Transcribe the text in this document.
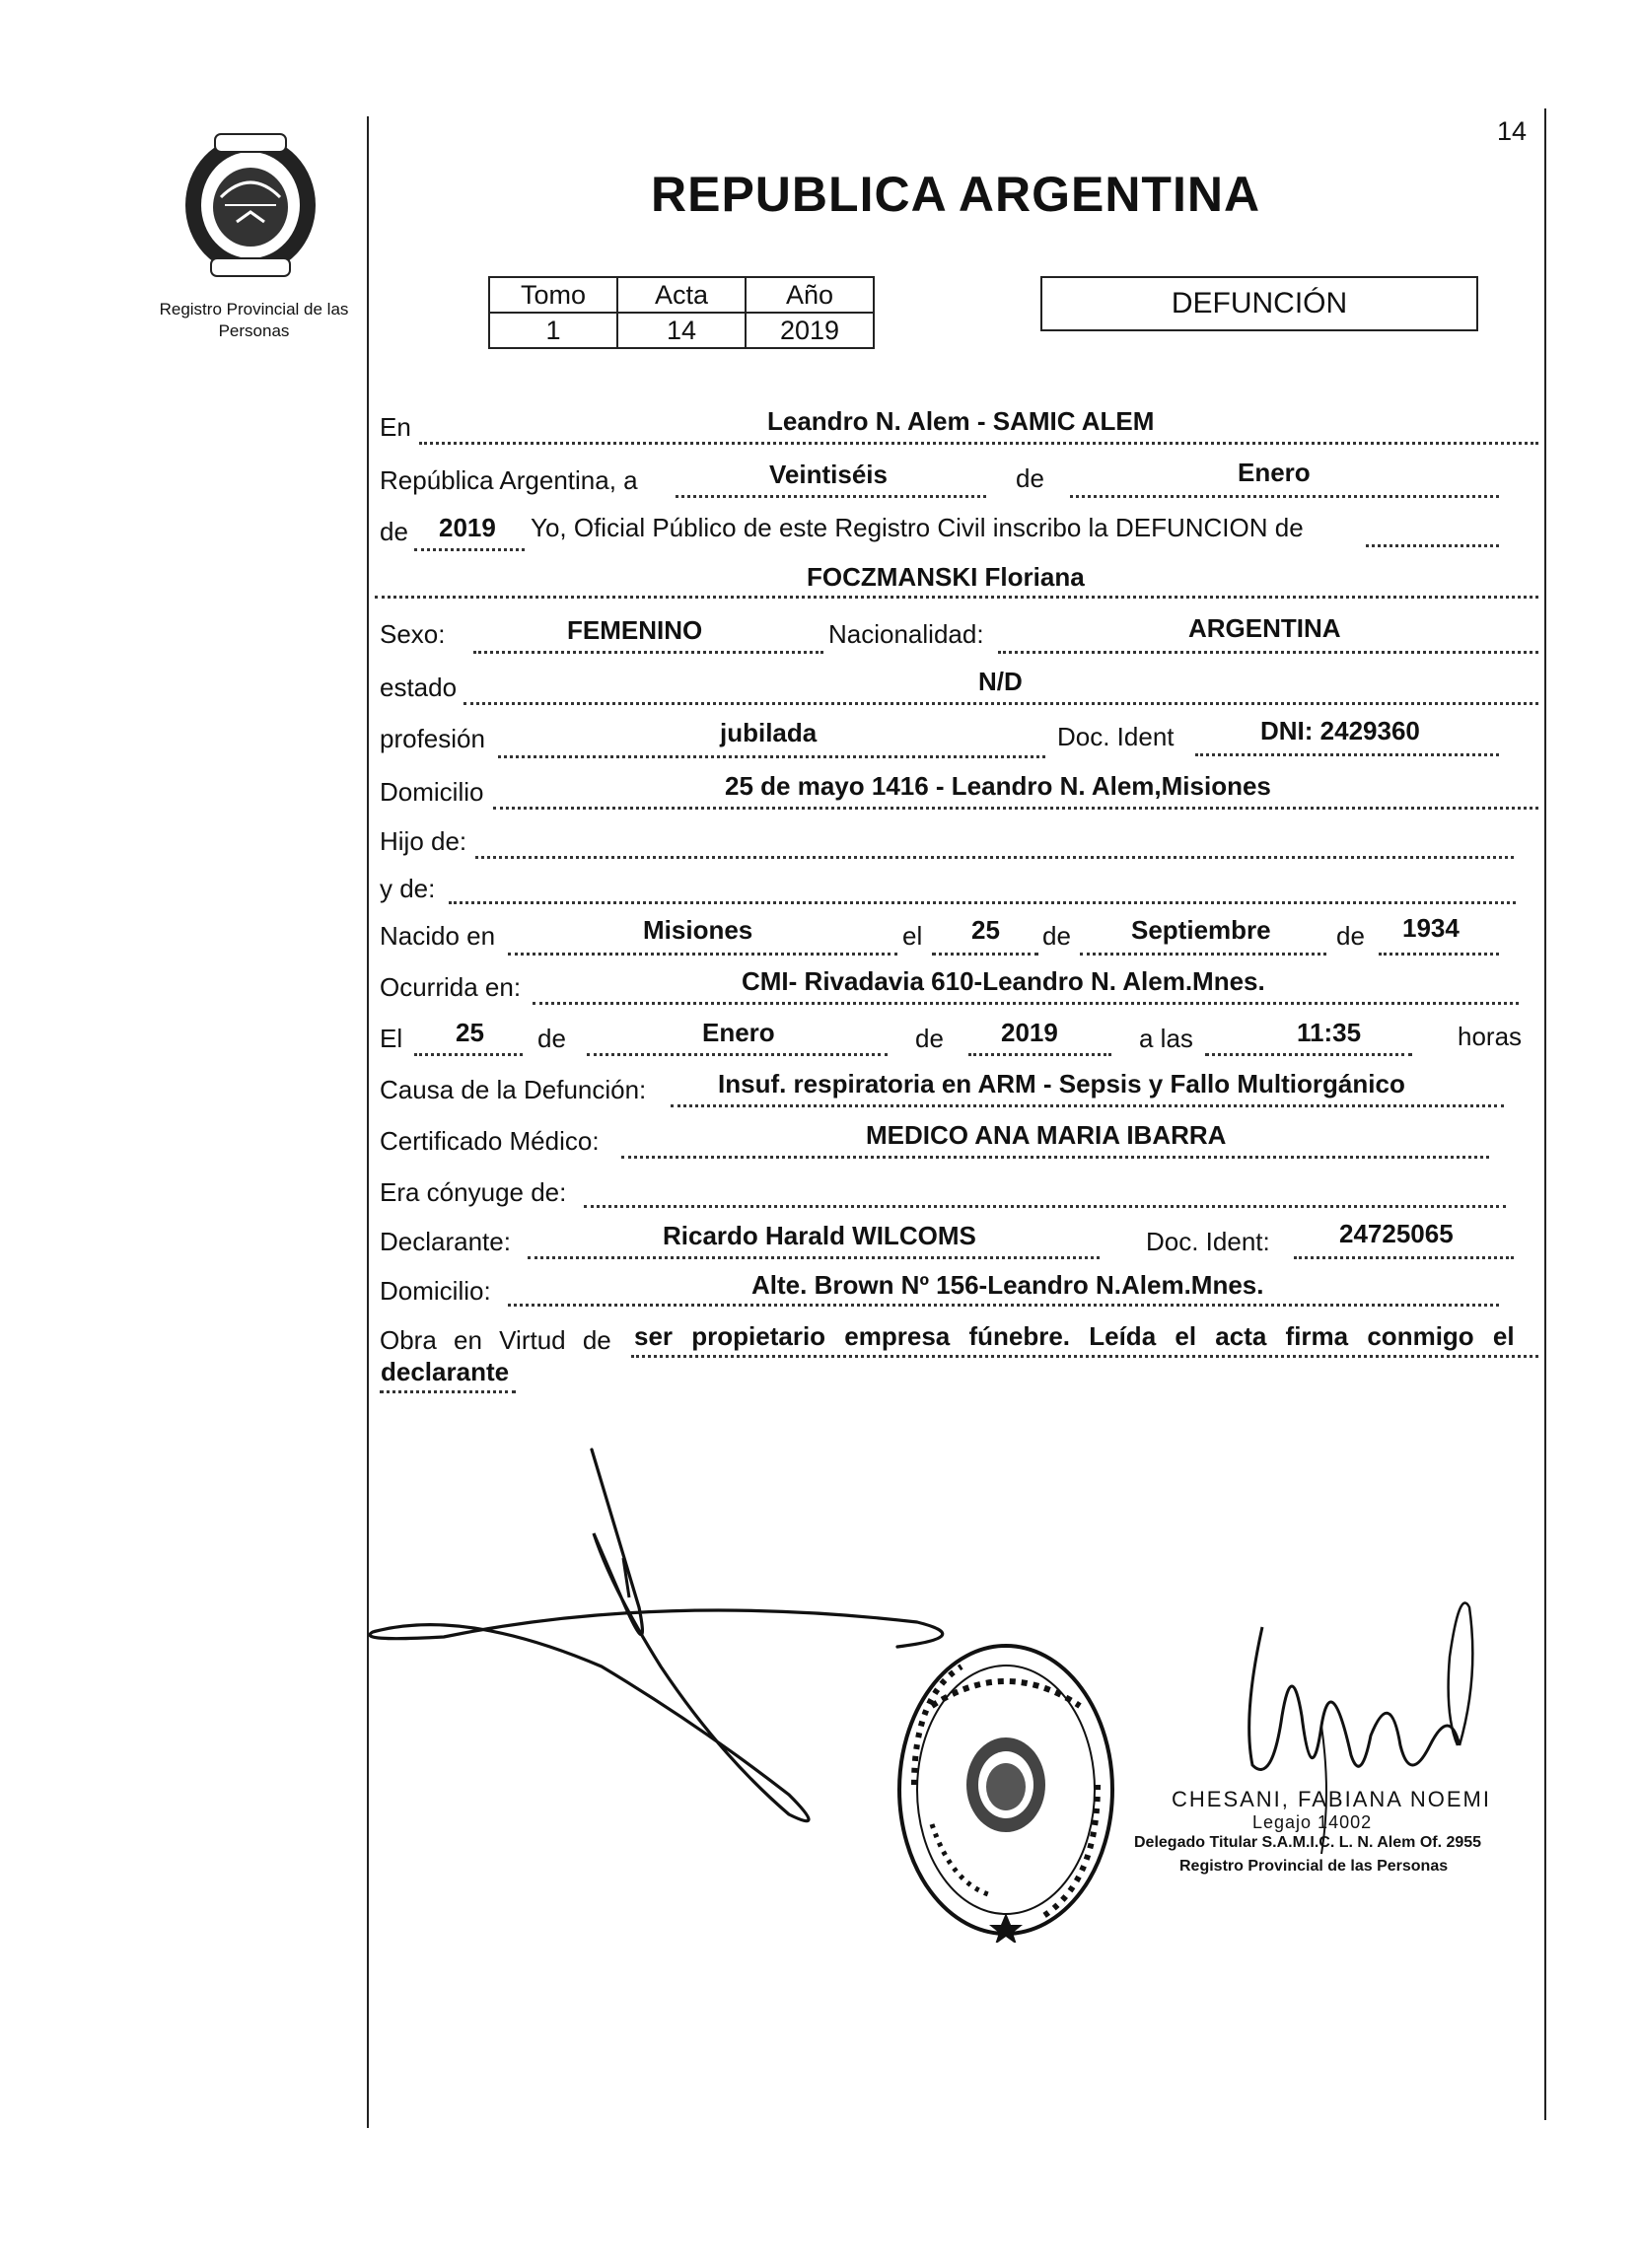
14
Registro Provincial de las Personas
REPUBLICA ARGENTINA
Tomo	Acta	Año
1	14	2019
DEFUNCIÓN
En	Leandro N. Alem - SAMIC ALEM
República Argentina, a	Veintiséis	de	Enero
de 2019 Yo, Oficial Público de este Registro Civil inscribo la DEFUNCION de
FOCZMANSKI Floriana
Sexo:	FEMENINO	Nacionalidad:	ARGENTINA
estado	N/D
profesión	jubilada	Doc. Ident	DNI: 2429360
Domicilio	25 de mayo 1416 - Leandro N. Alem,Misiones
Hijo de:
y de:
Nacido en	Misiones	el 25 de Septiembre	de 1934
Ocurrida en:	CMI- Rivadavia 610-Leandro N. Alem.Mnes.
El 25 de	Enero	de 2019	a las	11:35	horas
Causa de la Defunción:	Insuf. respiratoria en ARM - Sepsis y Fallo Multiorgánico
Certificado Médico:	MEDICO ANA MARIA IBARRA
Era cónyuge de:
Declarante:	Ricardo Harald WILCOMS	Doc. Ident:	24725065
Domicilio:	Alte. Brown Nº 156-Leandro N.Alem.Mnes.
Obra en Virtud de ser propietario empresa fúnebre. Leída el acta firma conmigo el
declarante
CHESANI, FABIANA NOEMI
Legajo 14002
Delegado Titular S.A.M.I.C. L. N. Alem Of. 2955
Registro Provincial de las Personas
